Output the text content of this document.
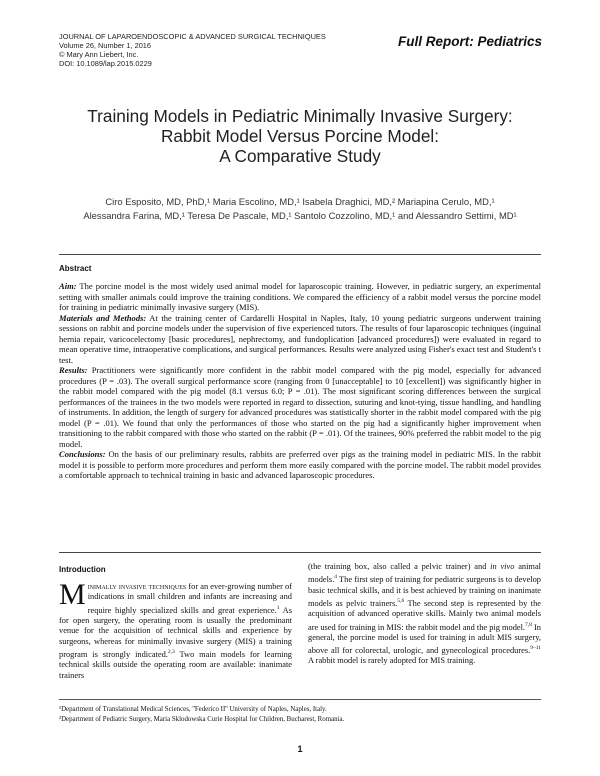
JOURNAL OF LAPAROENDOSCOPIC & ADVANCED SURGICAL TECHNIQUES
Volume 26, Number 1, 2016
© Mary Ann Liebert, Inc.
DOI: 10.1089/lap.2015.0229
Full Report: Pediatrics
Training Models in Pediatric Minimally Invasive Surgery:
Rabbit Model Versus Porcine Model:
A Comparative Study
Ciro Esposito, MD, PhD,¹ Maria Escolino, MD,¹ Isabela Draghici, MD,² Mariapina Cerulo, MD,¹
Alessandra Farina, MD,¹ Teresa De Pascale, MD,¹ Santolo Cozzolino, MD,¹ and Alessandro Settimi, MD¹
Abstract

Aim: The porcine model is the most widely used animal model for laparoscopic training. However, in pediatric surgery, an experimental setting with smaller animals could improve the training conditions. We compared the efficiency of a rabbit model versus the porcine model for training in pediatric minimally invasive surgery (MIS).

Materials and Methods: At the training center of Cardarelli Hospital in Naples, Italy, 10 young pediatric surgeons underwent training sessions on rabbit and porcine models under the supervision of five experienced tutors. The results of four laparoscopic techniques (inguinal hernia repair, varicocelectomy [basic procedures], nephrectomy, and fundoplication [advanced procedures]) were evaluated in regard to mean operative time, intraoperative complications, and surgical performances. Results were analyzed using Fisher's exact test and Student's t test.

Results: Practitioners were significantly more confident in the rabbit model compared with the pig model, especially for advanced procedures (P = .03). The overall surgical performance score (ranging from 0 [unacceptable] to 10 [excellent]) was significantly higher in the rabbit model compared with the pig model (8.1 versus 6.0; P = .01). The most significant scoring differences between the surgical performances of the trainees in the two models were reported in regard to dissection, suturing and knot-tying, tissue handling, and handling of instruments. In addition, the length of surgery for advanced procedures was statistically shorter in the rabbit model compared with the pig model (P = .01). We found that only the performances of those who started on the pig had a significantly higher improvement when transitioning to the rabbit compared with those who started on the rabbit (P = .01). Of the trainees, 90% preferred the rabbit model to the pig model.

Conclusions: On the basis of our preliminary results, rabbits are preferred over pigs as the training model in pediatric MIS. In the rabbit model it is possible to perform more procedures and perform them more easily compared with the porcine model. The rabbit model provides a comfortable approach to technical training in basic and advanced laparoscopic procedures.

Introduction
Minimally invasive techniques for an ever-growing number of indications in small children and infants are increasing and require highly specialized skills and great experience.$^1$ As for open surgery, the operating room is usually the predominant venue for the acquisition of technical skills and experience by surgeons, whereas for minimally invasive surgery (MIS) a training program is strongly indicated.$^{2,3}$ Two main models for learning technical skills outside the operating room are available: inanimate trainers
(the training box, also called a pelvic trainer) and in vivo animal models.$^4$ The first step of training for pediatric surgeons is to develop basic technical skills, and it is best achieved by training on inanimate models as pelvic trainers.$^{5,6}$ The second step is represented by the acquisition of advanced operative skills. Mainly two animal models are used for training in MIS: the rabbit model and the pig model.$^{7,8}$ In general, the porcine model is used for training in adult MIS surgery, above all for colorectal, urologic, and gynecological procedures.$^{9-11}$ A rabbit model is rarely adopted for MIS training.
¹Department of Translational Medical Sciences, ''Federico II'' University of Naples, Naples, Italy.
²Department of Pediatric Surgery, Maria Sklodowska Curie Hospital for Children, Bucharest, Romania.
1
